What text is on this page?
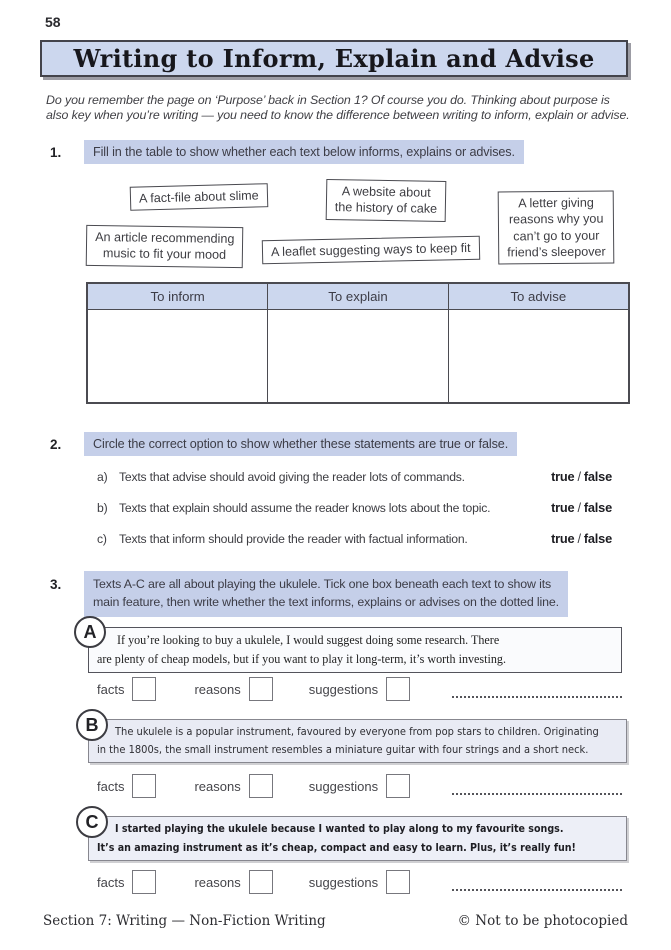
58
Writing to Inform, Explain and Advise
Do you remember the page on ‘Purpose’ back in Section 1? Of course you do. Thinking about purpose is
also key when you’re writing — you need to know the difference between writing to inform, explain or advise.
1.	Fill in the table to show whether each text below informs, explains or advises.
A fact-file about slime	A website about
the history of cake	A letter giving
reasons why you
can’t go to your
friend’s sleepover
An article recommending
music to fit your mood	A leaflet suggesting ways to keep fit
To inform	To explain	To advise
2.	Circle the correct option to show whether these statements are true or false.
a) Texts that advise should avoid giving the reader lots of commands.	true / false
b) Texts that explain should assume the reader knows lots about the topic.	true / false
c)	Texts that inform should provide the reader with factual information.	true / false
3.	Texts A-C are all about playing the ukulele. Tick one box beneath each text to show its
main feature, then write whether the text informs, explains or advises on the dotted line.
A If you’re looking to buy a ukulele, I would suggest doing some research. There
are plenty of cheap models, but if you want to play it long-term, it’s worth investing.
facts	reasons	suggestions
B The ukulele is a popular instrument, favoured by everyone from pop stars to children. Originating
in the 1800s, the small instrument resembles a miniature guitar with four strings and a short neck.
facts	reasons	suggestions
C I started playing the ukulele because I wanted to play along to my favourite songs.
It’s an amazing instrument as it’s cheap, compact and easy to learn. Plus, it’s really fun!
facts	reasons	suggestions
Section 7: Writing — Non-Fiction Writing	© Not to be photocopied
